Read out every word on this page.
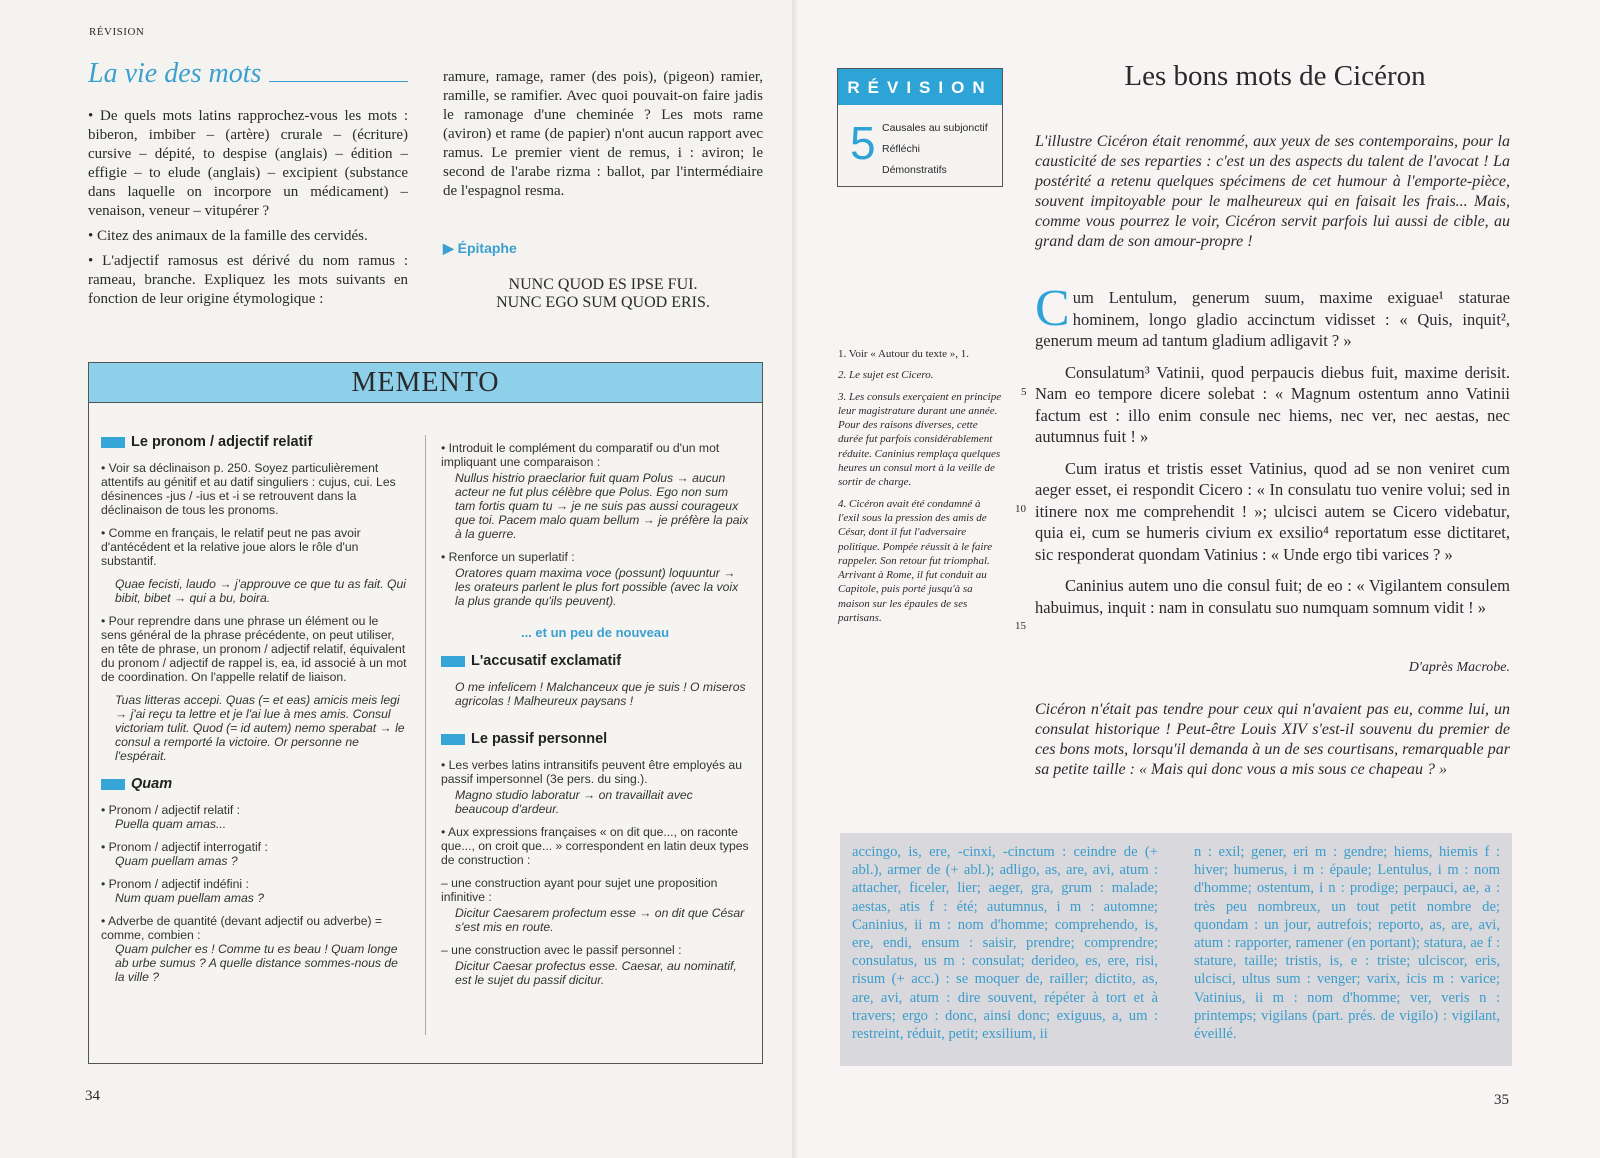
RÉVISION
La vie des mots

• De quels mots latins rapprochez-vous les mots : biberon, imbiber – (artère) crurale – (écriture) cursive – dépité, to despise (anglais) – édition – effigie – to elude (anglais) – excipient (substance dans laquelle on incorpore un médicament) – venaison, veneur – vitupérer ?

• Citez des animaux de la famille des cervidés.

• L'adjectif ramosus est dérivé du nom ramus : rameau, branche. Expliquez les mots suivants en fonction de leur origine étymologique :

ramure, ramage, ramer (des pois), (pigeon) ramier, ramille, se ramifier. Avec quoi pouvait-on faire jadis le ramonage d'une cheminée ? Les mots rame (aviron) et rame (de papier) n'ont aucun rapport avec ramus. Le premier vient de remus, i : aviron; le second de l'arabe rizma : ballot, par l'intermédiaire de l'espagnol resma.
▶ Épitaphe
NUNC QUOD ES IPSE FUI.
NUNC EGO SUM QUOD ERIS.
MEMENTO
Le pronom / adjectif relatif

• Voir sa déclinaison p. 250. Soyez particulièrement attentifs au génitif et au datif singuliers : cujus, cui. Les désinences -jus / -ius et -i se retrouvent dans la déclinaison de tous les pronoms.

• Comme en français, le relatif peut ne pas avoir d'antécédent et la relative joue alors le rôle d'un substantif.

Quae fecisti, laudo → j'approuve ce que tu as fait. Qui bibit, bibet → qui a bu, boira.

• Pour reprendre dans une phrase un élément ou le sens général de la phrase précédente, on peut utiliser, en tête de phrase, un pronom / adjectif relatif, équivalent du pronom / adjectif de rappel is, ea, id associé à un mot de coordination. On l'appelle relatif de liaison.

Tuas litteras accepi. Quas (= et eas) amicis meis legi → j'ai reçu ta lettre et je l'ai lue à mes amis. Consul victoriam tulit. Quod (= id autem) nemo sperabat → le consul a remporté la victoire. Or personne ne l'espérait.

Quam
• Pronom / adjectif relatif :

Puella quam amas...

• Pronom / adjectif interrogatif :

Quam puellam amas ?

• Pronom / adjectif indéfini :

Num quam puellam amas ?

• Adverbe de quantité (devant adjectif ou adverbe) = comme, combien :

Quam pulcher es ! Comme tu es beau ! Quam longe ab urbe sumus ? A quelle distance sommes-nous de la ville ?

• Introduit le complément du comparatif ou d'un mot impliquant une comparaison :

Nullus histrio praeclarior fuit quam Polus → aucun acteur ne fut plus célèbre que Polus. Ego non sum tam fortis quam tu → je ne suis pas aussi courageux que toi. Pacem malo quam bellum → je préfère la paix à la guerre.

• Renforce un superlatif :

Oratores quam maxima voce (possunt) loquuntur → les orateurs parlent le plus fort possible (avec la voix la plus grande qu'ils peuvent).

... et un peu de nouveau
L'accusatif exclamatif

O me infelicem ! Malchanceux que je suis ! O miseros agricolas ! Malheureux paysans !

Le passif personnel

• Les verbes latins intransitifs peuvent être employés au passif impersonnel (3e pers. du sing.).

Magno studio laboratur → on travaillait avec beaucoup d'ardeur.

• Aux expressions françaises « on dit que..., on raconte que..., on croit que... » correspondent en latin deux types de construction :

– une construction ayant pour sujet une proposition infinitive :

Dicitur Caesarem profectum esse → on dit que César s'est mis en route.

– une construction avec le passif personnel :

Dicitur Caesar profectus esse. Caesar, au nominatif, est le sujet du passif dicitur.

34
RÉVISION
5 Causales au subjonctif
Réfléchi
Démonstratifs
Les bons mots de Cicéron
L'illustre Cicéron était renommé, aux yeux de ses contemporains, pour la causticité de ses reparties : c'est un des aspects du talent de l'avocat ! La postérité a retenu quelques spécimens de cet humour à l'emporte-pièce, souvent impitoyable pour le malheureux qui en faisait les frais... Mais, comme vous pourrez le voir, Cicéron servit parfois lui aussi de cible, au grand dam de son amour-propre !

Cum Lentulum, generum suum, maxime exiguae¹ staturae hominem, longo gladio accinctum vidisset : « Quis, inquit², generum meum ad tantum gladium adligavit ? »

Consulatum³ Vatinii, quod perpaucis diebus fuit, maxime derisit. Nam eo tempore dicere solebat : « Magnum ostentum anno Vatinii factum est : illo enim consule nec hiems, nec ver, nec aestas, nec autumnus fuit ! »

Cum iratus et tristis esset Vatinius, quod ad se non veniret cum aeger esset, ei respondit Cicero : « In consulatu tuo venire volui; sed in itinere nox me comprehendit ! »; ulcisci autem se Cicero videbatur, quia ei, cum se humeris civium ex exsilio⁴ reportatum esse dictitaret, sic responderat quondam Vatinius : « Unde ergo tibi varices ? »

Caninius autem uno die consul fuit; de eo : « Vigilantem consulem habuimus, inquit : nam in consulatu suo numquam somnum vidit ! »

5
10
15

1. Voir « Autour du texte », 1.

2. Le sujet est Cicero.

3. Les consuls exerçaient en principe leur magistrature durant une année. Pour des raisons diverses, cette durée fut parfois considérablement réduite. Caninius remplaça quelques heures un consul mort à la veille de sortir de charge.

4. Cicéron avait été condamné à l'exil sous la pression des amis de César, dont il fut l'adversaire politique. Pompée réussit à le faire rappeler. Son retour fut triomphal. Arrivant à Rome, il fut conduit au Capitole, puis porté jusqu'à sa maison sur les épaules de ses partisans.

D'après Macrobe.
Cicéron n'était pas tendre pour ceux qui n'avaient pas eu, comme lui, un consulat historique ! Peut-être Louis XIV s'est-il souvenu du premier de ces bons mots, lorsqu'il demanda à un de ses courtisans, remarquable par sa petite taille : « Mais qui donc vous a mis sous ce chapeau ? »
accingo, is, ere, -cinxi, -cinctum : ceindre de (+ abl.), armer de (+ abl.); adligo, as, are, avi, atum : attacher, ficeler, lier; aeger, gra, grum : malade; aestas, atis f : été; autumnus, i m : automne; Caninius, ii m : nom d'homme; comprehendo, is, ere, endi, ensum : saisir, prendre; comprendre; consulatus, us m : consulat; derideo, es, ere, risi, risum (+ acc.) : se moquer de, railler; dictito, as, are, avi, atum : dire souvent, répéter à tort et à travers; ergo : donc, ainsi donc; exiguus, a, um : restreint, réduit, petit; exsilium, ii
n : exil; gener, eri m : gendre; hiems, hiemis f : hiver; humerus, i m : épaule; Lentulus, i m : nom d'homme; ostentum, i n : prodige; perpauci, ae, a : très peu nombreux, un tout petit nombre de; quondam : un jour, autrefois; reporto, as, are, avi, atum : rapporter, ramener (en portant); statura, ae f : stature, taille; tristis, is, e : triste; ulciscor, eris, ulcisci, ultus sum : venger; varix, icis m : varice; Vatinius, ii m : nom d'homme; ver, veris n : printemps; vigilans (part. prés. de vigilo) : vigilant, éveillé.
35
